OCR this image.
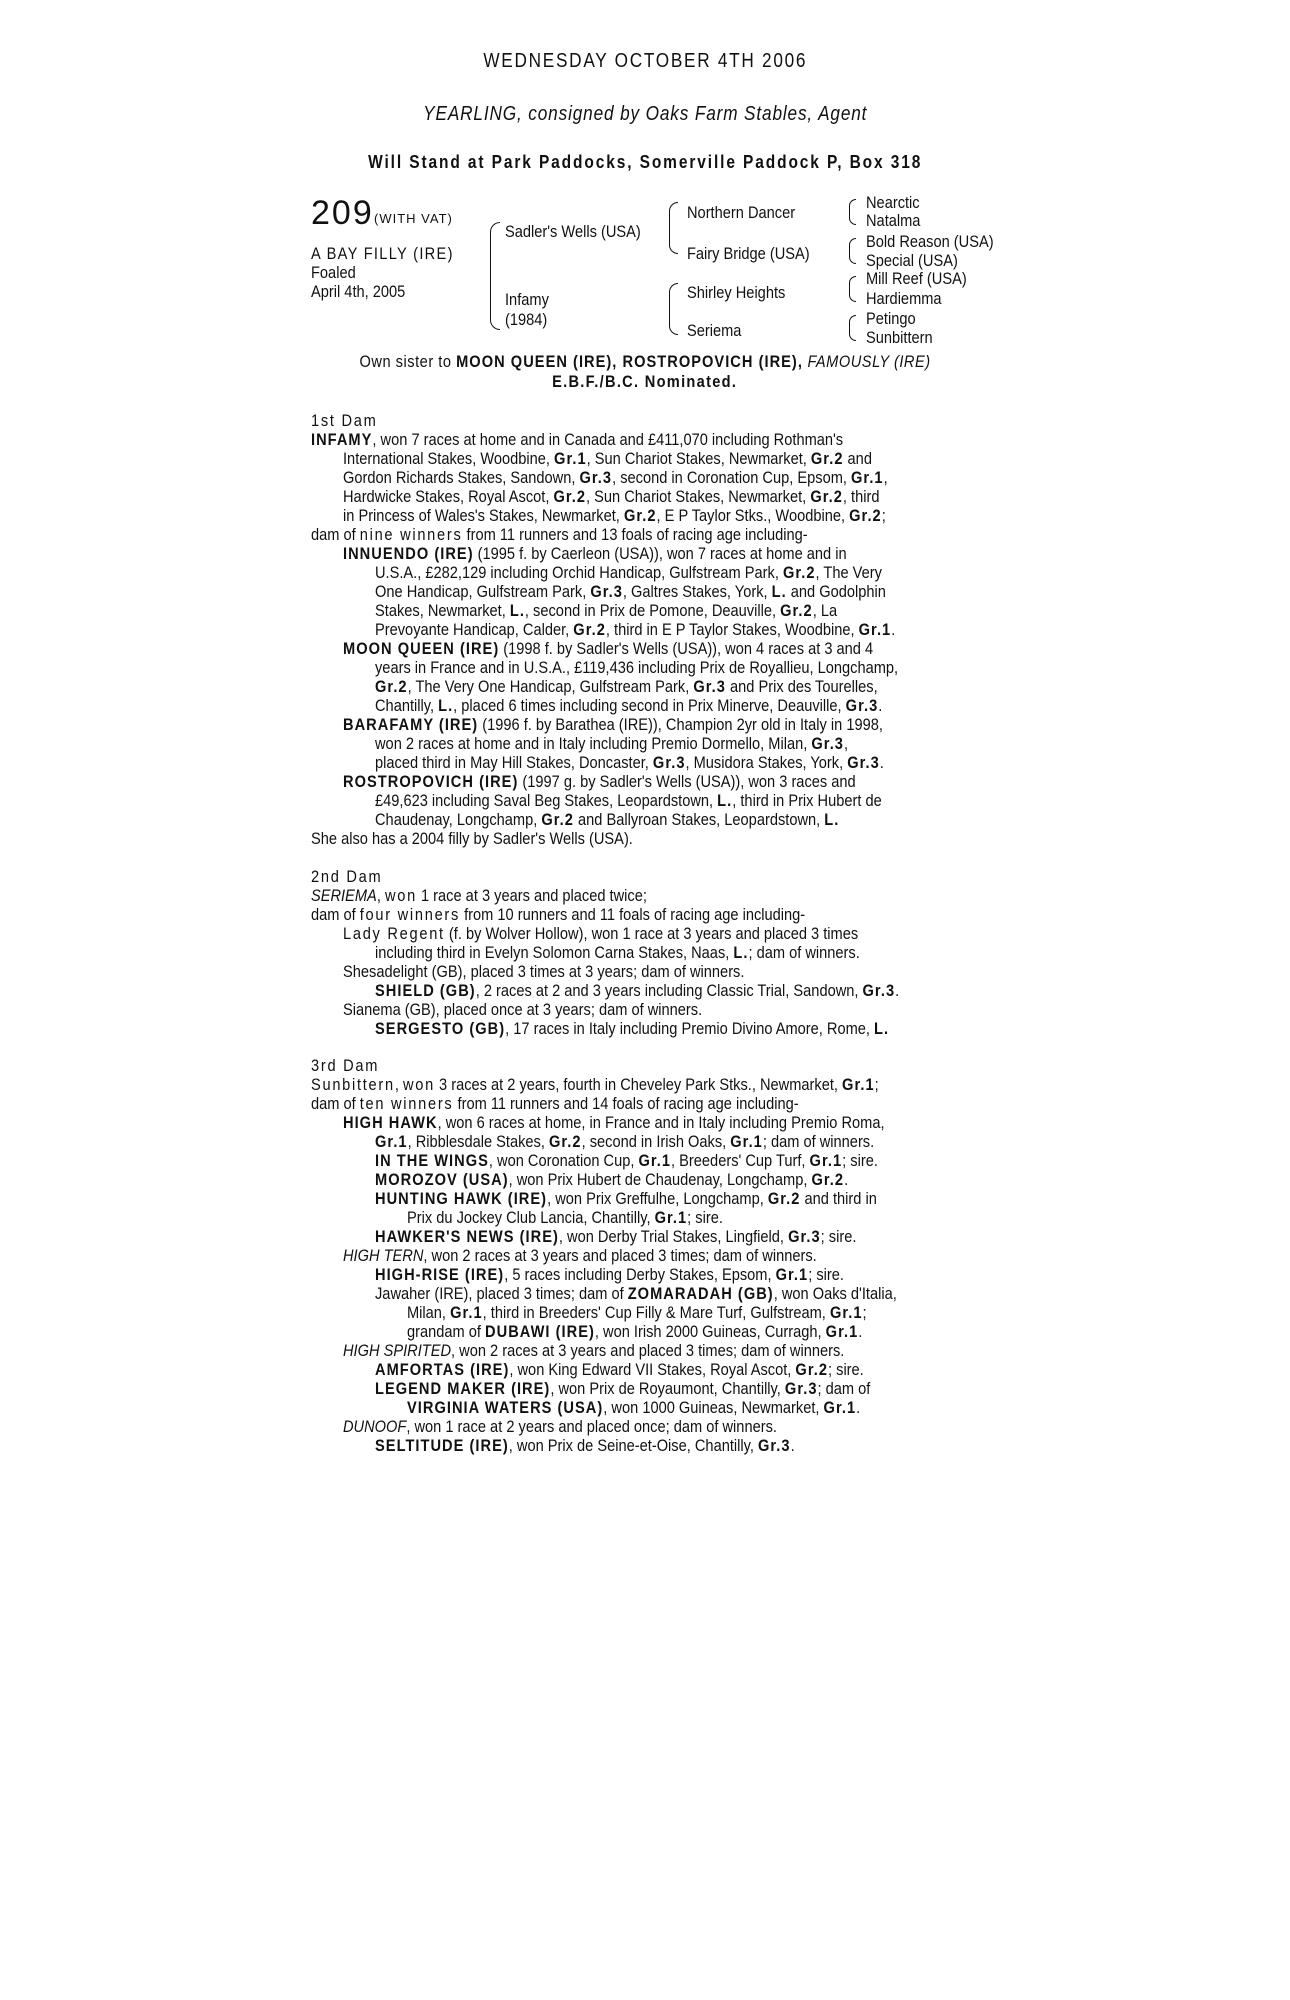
WEDNESDAY OCTOBER 4TH 2006
YEARLING, consigned by Oaks Farm Stables, Agent
Will Stand at Park Paddocks, Somerville Paddock P, Box 318
209 (WITH VAT)
A BAY FILLY (IRE)
Foaled
April 4th, 2005
Sadler's Wells (USA)
Infamy
(1984)
Northern Dancer
Fairy Bridge (USA)
Shirley Heights
Seriema
Nearctic
Natalma
Bold Reason (USA)
Special (USA)
Mill Reef (USA)
Hardiemma
Petingo
Sunbittern
Own sister to MOON QUEEN (IRE), ROSTROPOVICH (IRE), FAMOUSLY (IRE)
E.B.F./B.C. Nominated.
1st Dam
INFAMY, won 7 races at home and in Canada and £411,070 including Rothman's
International Stakes, Woodbine, Gr.1, Sun Chariot Stakes, Newmarket, Gr.2 and
Gordon Richards Stakes, Sandown, Gr.3, second in Coronation Cup, Epsom, Gr.1,
Hardwicke Stakes, Royal Ascot, Gr.2, Sun Chariot Stakes, Newmarket, Gr.2, third
in Princess of Wales's Stakes, Newmarket, Gr.2, E P Taylor Stks., Woodbine, Gr.2;
dam of nine winners from 11 runners and 13 foals of racing age including-
INNUENDO (IRE) (1995 f. by Caerleon (USA)), won 7 races at home and in
U.S.A., £282,129 including Orchid Handicap, Gulfstream Park, Gr.2, The Very
One Handicap, Gulfstream Park, Gr.3, Galtres Stakes, York, L. and Godolphin
Stakes, Newmarket, L., second in Prix de Pomone, Deauville, Gr.2, La
Prevoyante Handicap, Calder, Gr.2, third in E P Taylor Stakes, Woodbine, Gr.1.
MOON QUEEN (IRE) (1998 f. by Sadler's Wells (USA)), won 4 races at 3 and 4
years in France and in U.S.A., £119,436 including Prix de Royallieu, Longchamp,
Gr.2, The Very One Handicap, Gulfstream Park, Gr.3 and Prix des Tourelles,
Chantilly, L., placed 6 times including second in Prix Minerve, Deauville, Gr.3.
BARAFAMY (IRE) (1996 f. by Barathea (IRE)), Champion 2yr old in Italy in 1998,
won 2 races at home and in Italy including Premio Dormello, Milan, Gr.3,
placed third in May Hill Stakes, Doncaster, Gr.3, Musidora Stakes, York, Gr.3.
ROSTROPOVICH (IRE) (1997 g. by Sadler's Wells (USA)), won 3 races and
£49,623 including Saval Beg Stakes, Leopardstown, L., third in Prix Hubert de
Chaudenay, Longchamp, Gr.2 and Ballyroan Stakes, Leopardstown, L.
She also has a 2004 filly by Sadler's Wells (USA).
2nd Dam
SERIEMA, won 1 race at 3 years and placed twice;
dam of four winners from 10 runners and 11 foals of racing age including-
Lady Regent (f. by Wolver Hollow), won 1 race at 3 years and placed 3 times
including third in Evelyn Solomon Carna Stakes, Naas, L.; dam of winners.
Shesadelight (GB), placed 3 times at 3 years; dam of winners.
SHIELD (GB), 2 races at 2 and 3 years including Classic Trial, Sandown, Gr.3.
Sianema (GB), placed once at 3 years; dam of winners.
SERGESTO (GB), 17 races in Italy including Premio Divino Amore, Rome, L.
3rd Dam
Sunbittern, won 3 races at 2 years, fourth in Cheveley Park Stks., Newmarket, Gr.1;
dam of ten winners from 11 runners and 14 foals of racing age including-
HIGH HAWK, won 6 races at home, in France and in Italy including Premio Roma,
Gr.1, Ribblesdale Stakes, Gr.2, second in Irish Oaks, Gr.1; dam of winners.
IN THE WINGS, won Coronation Cup, Gr.1, Breeders' Cup Turf, Gr.1; sire.
MOROZOV (USA), won Prix Hubert de Chaudenay, Longchamp, Gr.2.
HUNTING HAWK (IRE), won Prix Greffulhe, Longchamp, Gr.2 and third in
Prix du Jockey Club Lancia, Chantilly, Gr.1; sire.
HAWKER'S NEWS (IRE), won Derby Trial Stakes, Lingfield, Gr.3; sire.
HIGH TERN, won 2 races at 3 years and placed 3 times; dam of winners.
HIGH-RISE (IRE), 5 races including Derby Stakes, Epsom, Gr.1; sire.
Jawaher (IRE), placed 3 times; dam of ZOMARADAH (GB), won Oaks d'Italia,
Milan, Gr.1, third in Breeders' Cup Filly & Mare Turf, Gulfstream, Gr.1;
grandam of DUBAWI (IRE), won Irish 2000 Guineas, Curragh, Gr.1.
HIGH SPIRITED, won 2 races at 3 years and placed 3 times; dam of winners.
AMFORTAS (IRE), won King Edward VII Stakes, Royal Ascot, Gr.2; sire.
LEGEND MAKER (IRE), won Prix de Royaumont, Chantilly, Gr.3; dam of
VIRGINIA WATERS (USA), won 1000 Guineas, Newmarket, Gr.1.
DUNOOF, won 1 race at 2 years and placed once; dam of winners.
SELTITUDE (IRE), won Prix de Seine-et-Oise, Chantilly, Gr.3.
